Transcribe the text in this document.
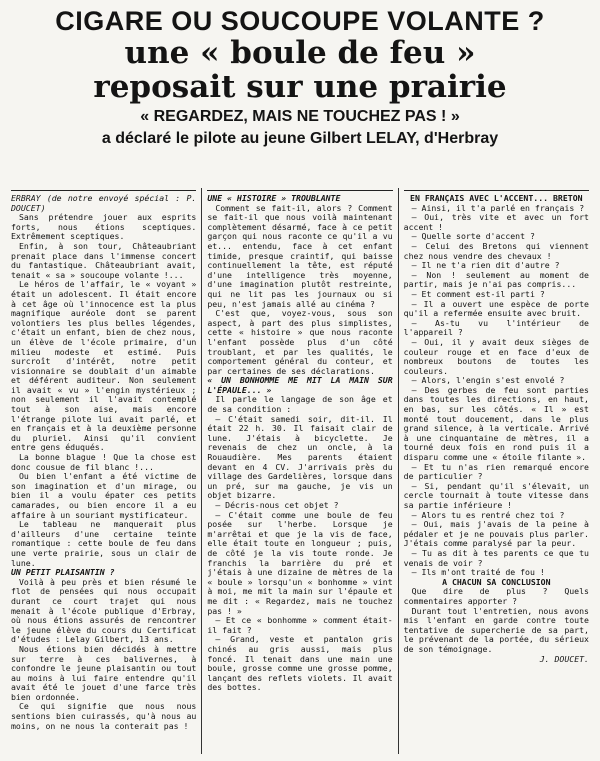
CIGARE OU SOUCOUPE VOLANTE ?
une « boule de feu »
reposait sur une prairie
« REGARDEZ, MAIS NE TOUCHEZ PAS ! »
a déclaré le pilote au jeune Gilbert LELAY, d'Herbray

ERBRAY (de notre envoyé spécial : P. DOUCET)

Sans prétendre jouer aux esprits forts, nous étions sceptiques. Extrêmement sceptiques.

Enfin, à son tour, Châteaubriant prenait place dans l'immense concert du fantastique. Châteaubriant avait, tenait « sa » soucoupe volante !...

Le héros de l'affair, le « voyant » était un adolescent. Il était encore à cet âge où l'innocence est la plus magnifique auréole dont se parent volontiers les plus belles légendes, c'était un enfant, bien de chez nous, un élève de l'école primaire, d'un milieu modeste et estimé. Puis surcroît d'intérêt, notre petit visionnaire se doublait d'un aimable et déférent auditeur. Non seulement il avait « vu » l'engin mystérieux ; non seulement il l'avait contemplé tout à son aise, mais encore l'étrange pilote lui avait parlé, et en français et à la deuxième personne du pluriel. Ainsi qu'il convient entre gens éduqués.

La bonne blague ! Que la chose est donc cousue de fil blanc !...

Ou bien l'enfant a été victime de son imagination et d'un mirage, ou bien il a voulu épater ces petits camarades, ou bien encore il a eu affaire à un souriant mystificateur.

Le tableau ne manquerait plus d'ailleurs d'une certaine teinte romantique : cette boule de feu dans une verte prairie, sous un clair de lune.

UN PETIT PLAISANTIN ?

Voilà à peu près et bien résumé le flot de pensées qui nous occupait durant ce court trajet qui nous menait à l'école publique d'Erbray, où nous étions assurés de rencontrer le jeune élève du cours du Certificat d'études : Lelay Gilbert, 13 ans.

Nous étions bien décidés à mettre sur terre à ces balivernes, à confondre le jeune plaisantin ou tout au moins à lui faire entendre qu'il avait été le jouet d'une farce très bien ordonnée.

Ce qui signifie que nous nous sentions bien cuirassés, qu'à nous au moins, on ne nous la conterait pas !

UNE « HISTOIRE » TROUBLANTE

Comment se fait-il, alors ? Comment se fait-il que nous voilà maintenant complètement désarmé, face à ce petit garçon qui nous raconte ce qu'il a vu et... entendu, face à cet enfant timide, presque craintif, qui baisse continuellement la tête, est réputé d'une intelligence très moyenne, d'une imagination plutôt restreinte, qui ne lit pas les journaux ou si peu, n'est jamais allé au cinéma ?

C'est que, voyez-vous, sous son aspect, à part des plus simplistes, cette « histoire » que nous raconte l'enfant possède plus d'un côté troublant, et par les qualités, le comportement général du conteur, et par certaines de ses déclarations.

« UN BONHOMME ME MIT LA MAIN SUR L'ÉPAULE... »

Il parle le langage de son âge et de sa condition :

— C'était samedi soir, dit-il. Il était 22 h. 30. Il faisait clair de lune. J'étais à bicyclette. Je revenais de chez un oncle, à la Rouaudière. Mes parents étaient devant en 4 CV. J'arrivais près du village des Gardelières, lorsque dans un pré, sur ma gauche, je vis un objet bizarre.

— Décris-nous cet objet ?

— C'était comme une boule de feu posée sur l'herbe. Lorsque je m'arrêtai et que je la vis de face, elle était toute en longueur ; puis, de côté je la vis toute ronde. Je franchis la barrière du pré et j'étais à une dizaine de mètres de la « boule » lorsqu'un « bonhomme » vint à moi, me mit la main sur l'épaule et me dit : « Regardez, mais ne touchez pas ! »

— Et ce « bonhomme » comment était-il fait ?

— Grand, veste et pantalon gris chinés au gris aussi, mais plus foncé. Il tenait dans une main une boule, grosse comme une grosse pomme, lançant des reflets violets. Il avait des bottes.

EN FRANÇAIS AVEC L'ACCENT... BRETON

— Ainsi, il t'a parlé en français ?

— Oui, très vite et avec un fort accent !

— Quelle sorte d'accent ?

— Celui des Bretons qui viennent chez nous vendre des chevaux !

— Il ne t'a rien dit d'autre ?

— Non ! seulement au moment de partir, mais je n'ai pas compris...

— Et comment est-il parti ?

— Il a ouvert une espèce de porte qu'il a refermée ensuite avec bruit.

— As-tu vu l'intérieur de l'appareil ?

— Oui, il y avait deux sièges de couleur rouge et en face d'eux de nombreux boutons de toutes les couleurs.

— Alors, l'engin s'est envolé ?

— Des gerbes de feu sont parties dans toutes les directions, en haut, en bas, sur les côtés. « Il » est monté tout doucement, dans le plus grand silence, à la verticale. Arrivé à une cinquantaine de mètres, il a tourné deux fois en rond puis il a disparu comme une « étoile filante ».

— Et tu n'as rien remarqué encore de particulier ?

— Si, pendant qu'il s'élevait, un cercle tournait à toute vitesse dans sa partie inférieure !

— Alors tu es rentré chez toi ?

— Oui, mais j'avais de la peine à pédaler et je ne pouvais plus parler. J'étais comme paralysé par la peur.

— Tu as dit à tes parents ce que tu venais de voir ?

— Ils m'ont traité de fou !

A CHACUN SA CONCLUSION

Que dire de plus ? Quels commentaires apporter ?

Durant tout l'entretien, nous avons mis l'enfant en garde contre toute tentative de supercherie de sa part, le prévenant de la portée, du sérieux de son témoignage.

J. DOUCET.
